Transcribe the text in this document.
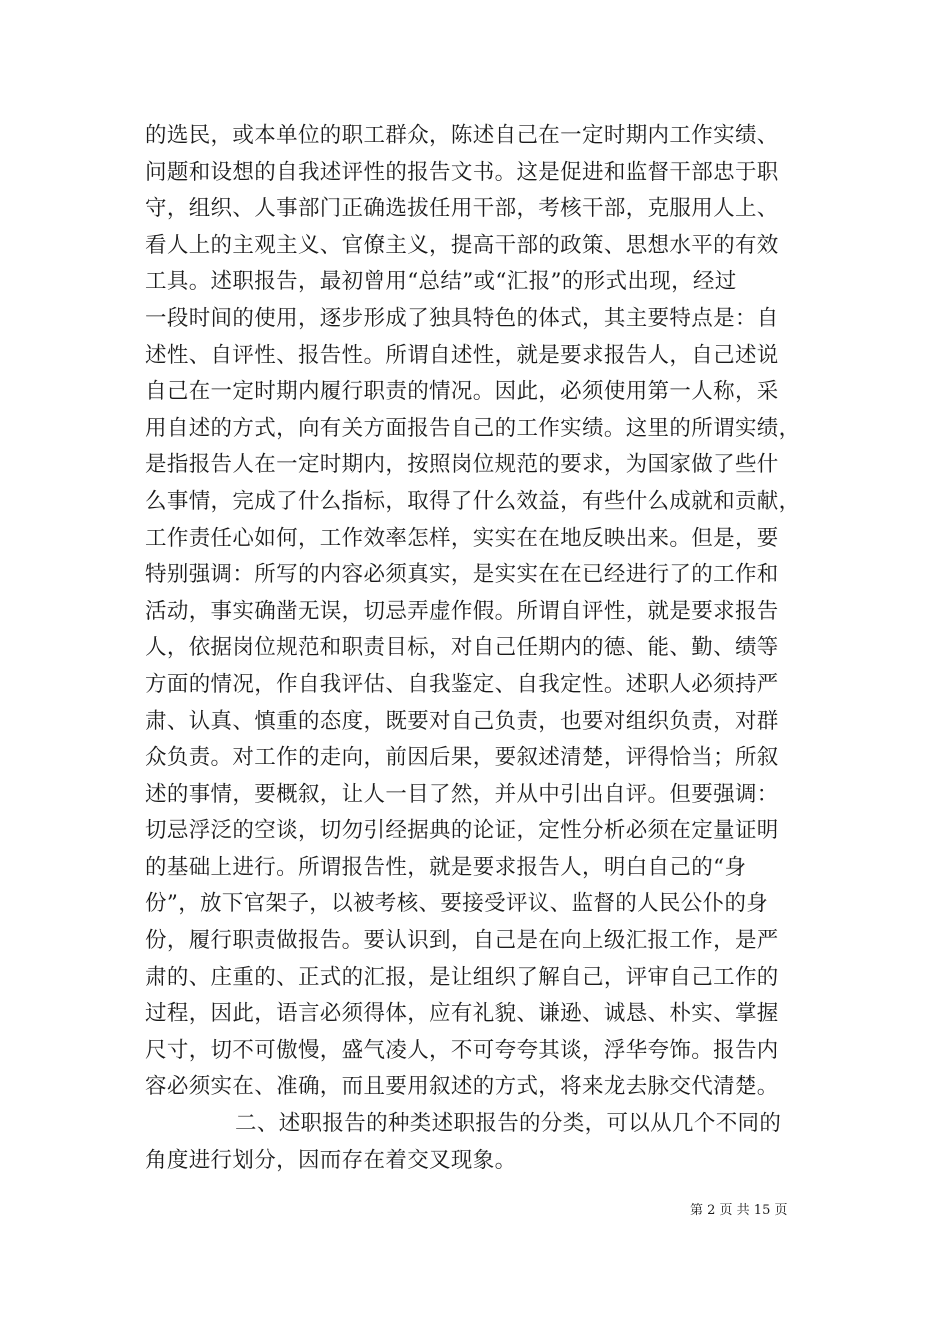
的选民，或本单位的职工群众，陈述自己在一定时期内工作实绩、
问题和设想的自我述评性的报告文书。这是促进和监督干部忠于职
守，组织、人事部门正确选拔任用干部，考核干部，克服用人上、
看人上的主观主义、官僚主义，提高干部的政策、思想水平的有效
工具。述职报告，最初曾用“总结”或“汇报”的形式出现，经过
一段时间的使用，逐步形成了独具特色的体式，其主要特点是：自
述性、自评性、报告性。所谓自述性，就是要求报告人，自己述说
自己在一定时期内履行职责的情况。因此，必须使用第一人称，采
用自述的方式，向有关方面报告自己的工作实绩。这里的所谓实绩，
是指报告人在一定时期内，按照岗位规范的要求，为国家做了些什
么事情，完成了什么指标，取得了什么效益，有些什么成就和贡献，
工作责任心如何，工作效率怎样，实实在在地反映出来。但是，要
特别强调：所写的内容必须真实，是实实在在已经进行了的工作和
活动，事实确凿无误，切忌弄虚作假。所谓自评性，就是要求报告
人，依据岗位规范和职责目标，对自己任期内的德、能、勤、绩等
方面的情况，作自我评估、自我鉴定、自我定性。述职人必须持严
肃、认真、慎重的态度，既要对自己负责，也要对组织负责，对群
众负责。对工作的走向，前因后果，要叙述清楚，评得恰当；所叙
述的事情，要概叙，让人一目了然，并从中引出自评。但要强调：
切忌浮泛的空谈，切勿引经据典的论证，定性分析必须在定量证明
的基础上进行。所谓报告性，就是要求报告人，明白自己的“身
份”，放下官架子，以被考核、要接受评议、监督的人民公仆的身
份，履行职责做报告。要认识到，自己是在向上级汇报工作，是严
肃的、庄重的、正式的汇报，是让组织了解自己，评审自己工作的
过程，因此，语言必须得体，应有礼貌、谦逊、诚恳、朴实、掌握
尺寸，切不可傲慢，盛气凌人，不可夸夸其谈，浮华夸饰。报告内
容必须实在、准确，而且要用叙述的方式，将来龙去脉交代清楚。
二、述职报告的种类述职报告的分类，可以从几个不同的
角度进行划分，因而存在着交叉现象。
第 2 页 共 15 页
